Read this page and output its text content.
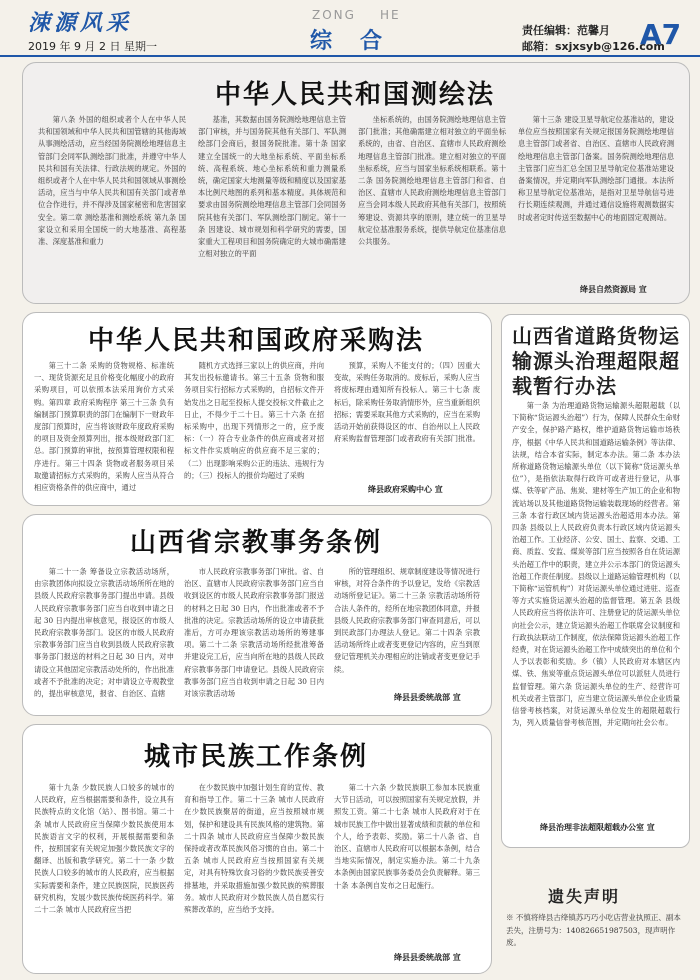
涑源风采
2019 年 9 月 2 日 星期一
ZONG HE
综合	责任编辑：范馨月
邮箱：sxjxsyb@126.com
A7
中华人民共和国测绘法

第八条 外国的组织或者个人在中华人民共和国领域和中华人民共和国管辖的其他海域从事测绘活动，应当经国务院测绘地理信息主管部门会同军队测绘部门批准，并遵守中华人民共和国有关法律、行政法规的规定。外国的组织或者个人在中华人民共和国领域从事测绘活动，应当与中华人民共和国有关部门或者单位合作进行，并不得涉及国家秘密和危害国家安全。第二章 测绘基准和测绘系统 第九条 国家设立和采用全国统一的大地基准、高程基准、深度基准和重力

基准，其数据由国务院测绘地理信息主管部门审核，并与国务院其他有关部门、军队测绘部门会商后，报国务院批准。第十条 国家建立全国统一的大地坐标系统、平面坐标系统、高程系统、地心坐标系统和重力测量系统，确定国家大地测量等级和精度以及国家基本比例尺地图的系列和基本精度。具体规范和要求由国务院测绘地理信息主管部门会同国务院其他有关部门、军队测绘部门制定。第十一条 因建设、城市规划和科学研究的需要，国家重大工程项目和国务院确定的大城市确需建立相对独立的平面

坐标系统的，由国务院测绘地理信息主管部门批准；其他确需建立相对独立的平面坐标系统的，由省、自治区、直辖市人民政府测绘地理信息主管部门批准。建立相对独立的平面坐标系统，应当与国家坐标系统相联系。第十二条 国务院测绘地理信息主管部门和省、自治区、直辖市人民政府测绘地理信息主管部门应当会同本级人民政府其他有关部门，按照统筹建设、资源共享的原则，建立统一的卫星导航定位基准服务系统，提供导航定位基准信息公共服务。

第十三条 建设卫星导航定位基准站的，建设单位应当按照国家有关规定报国务院测绘地理信息主管部门或者省、自治区、直辖市人民政府测绘地理信息主管部门备案。国务院测绘地理信息主管部门应当汇总全国卫星导航定位基准站建设备案情况，并定期向军队测绘部门通报。本法所称卫星导航定位基准站，是指对卫星导航信号进行长期连续观测，并通过通信设施将观测数据实时或者定时传送至数据中心的地面固定观测站。

绛县自然资源局 宣
中华人民共和国政府采购法

第三十二条 采购的货物规格、标准统一、现货货源充足且价格变化幅度小的政府采购项目，可以依照本法采用询价方式采购。第四章 政府采购程序 第三十三条 负有编制部门预算职责的部门在编制下一财政年度部门预算时，应当将该财政年度政府采购的项目及资金预算列出，报本级财政部门汇总。部门预算的审批，按预算管理权限和程序进行。第三十四条 货物或者服务项目采取邀请招标方式采购的，采购人应当从符合相应资格条件的供应商中，通过

随机方式选择三家以上的供应商，并向其发出投标邀请书。第三十五条 货物和服务项目实行招标方式采购的，自招标文件开始发出之日起至投标人提交投标文件截止之日止，不得少于二十日。第三十六条 在招标采购中，出现下列情形之一的，应予废标：（一）符合专业条件的供应商或者对招标文件作实质响应的供应商不足三家的；（二）出现影响采购公正的违法、违规行为的；（三）投标人的报价均超过了采购

预算，采购人不能支付的；（四）因重大变故，采购任务取消的。废标后，采购人应当将废标理由通知所有投标人。第三十七条 废标后，除采购任务取消情形外，应当重新组织招标；需要采取其他方式采购的，应当在采购活动开始前获得设区的市、自治州以上人民政府采购监督管理部门或者政府有关部门批准。

绛县政府采购中心 宣
山西省宗教事务条例

第二十一条 筹备设立宗教活动场所，由宗教团体向拟设立宗教活动场所所在地的县级人民政府宗教事务部门提出申请。县级人民政府宗教事务部门应当自收到申请之日起 30 日内提出审核意见，报设区的市级人民政府宗教事务部门。设区的市级人民政府宗教事务部门应当自收到县级人民政府宗教事务部门报送的材料之日起 30 日内，对申请设立其他固定宗教活动处所的，作出批准或者不予批准的决定；对申请设立寺观教堂的，提出审核意见，报省、自治区、直辖

市人民政府宗教事务部门审批。省、自治区、直辖市人民政府宗教事务部门应当自收到设区的市级人民政府宗教事务部门报送的材料之日起 30 日内，作出批准或者不予批准的决定。宗教活动场所的设立申请获批准后，方可办理该宗教活动场所的筹建事项。第二十二条 宗教活动场所经批准筹备并建设完工后，应当向所在地的县级人民政府宗教事务部门申请登记。县级人民政府宗教事务部门应当自收到申请之日起 30 日内对该宗教活动场

所的管理组织、规章制度建设等情况进行审核，对符合条件的予以登记，发给《宗教活动场所登记证》。第二十三条 宗教活动场所符合法人条件的，经所在地宗教团体同意，并报县级人民政府宗教事务部门审查同意后，可以到民政部门办理法人登记。第二十四条 宗教活动场所终止或者变更登记内容的，应当到原登记管理机关办理相应的注销或者变更登记手续。

绛县县委统战部 宣
城市民族工作条例

第十九条 少数民族人口较多的城市的人民政府，应当根据需要和条件，设立具有民族特点的文化馆（站）、图书馆。第二十条 城市人民政府应当保障少数民族使用本民族语言文字的权利，开展根据需要和条件，按照国家有关规定加强少数民族文字的翻译、出版和教学研究。第二十一条 少数民族人口较多的城市的人民政府，应当根据实际需要和条件，建立民族医院，民族医药研究机构，发展少数民族传统医药科学。第二十二条 城市人民政府应当把

在少数民族中加强计划生育的宣传、教育和指导工作。第二十三条 城市人民政府在少数民族聚居的街道，应当按照城市规划，保护和建设具有民族风格的建筑物。第二十四条 城市人民政府应当保障少数民族保持或者改革民族风俗习惯的自由。第二十五条 城市人民政府应当按照国家有关规定，对具有特殊饮食习俗的少数民族妥善安排墓地，并采取措施加强少数民族的殡葬服务。城市人民政府对少数民族人员自愿实行殡葬改革的，应当给予支持。

第二十六条 少数民族职工参加本民族重大节日活动，可以按照国家有关规定放假，并照发工资。第二十七条 城市人民政府对于在城市民族工作中做出显著成绩和贡献的单位和个人，给予表彰、奖励。第二十八条 省、自治区、直辖市人民政府可以根据本条例，结合当地实际情况，制定实施办法。第二十九条 本条例由国家民族事务委员会负责解释。第三十条 本条例自发布之日起施行。

绛县县委统战部 宣
山西省道路货物运输源头治理超限超载暂行办法

第一条 为治理道路货物运输源头超限超载（以下简称“货运源头治超”）行为，保障人民群众生命财产安全，保护路产路权，维护道路货物运输市场秩序，根据《中华人民共和国道路运输条例》等法律、法规，结合本省实际，制定本办法。第二条 本办法所称道路货物运输源头单位（以下简称“货运源头单位”），是指依法取得行政许可或者进行登记，从事煤、铁等矿产品、焦炭、建材等生产加工的企业和物流站场以及其他道路货物运输装载现场的经营者。第三条 本省行政区域内货运源头治超适用本办法。第四条 县级以上人民政府负责本行政区域内货运源头治超工作。工业经济、公安、国土、监察、交通、工商、质监、安监、煤炭等部门应当按照各自在货运源头治超工作中的职责，建立并公示本部门的货运源头治超工作责任制度。县级以上道路运输管理机构（以下简称“运管机构”）对货运源头单位通过进驻、巡查等方式实施货运源头治超的监督管理。第五条 县级人民政府应当将依法许可、注册登记的货运源头单位向社会公示，建立货运源头治超工作联席会议制度和行政执法联动工作制度，依法保障货运源头治超工作经费，对在货运源头治超工作中成绩突出的单位和个人予以表彰和奖励。乡（镇）人民政府对本辖区内煤、铁、焦炭等重点货运源头单位可以派驻人员进行监督管理。第六条 货运源头单位的生产、经营许可机关或者主管部门，应当建立货运源头单位企业质量信誉考核档案，对货运源头单位发生的超限超载行为，列入质量信誉考核范围，并定期向社会公布。

绛县治理非法超限超载办公室 宣
遗失声明
※ 不慎将绛县古绛镇苏巧巧小吃店营业执照正、副本丢失，注册号为：140826651987503，现声明作废。
